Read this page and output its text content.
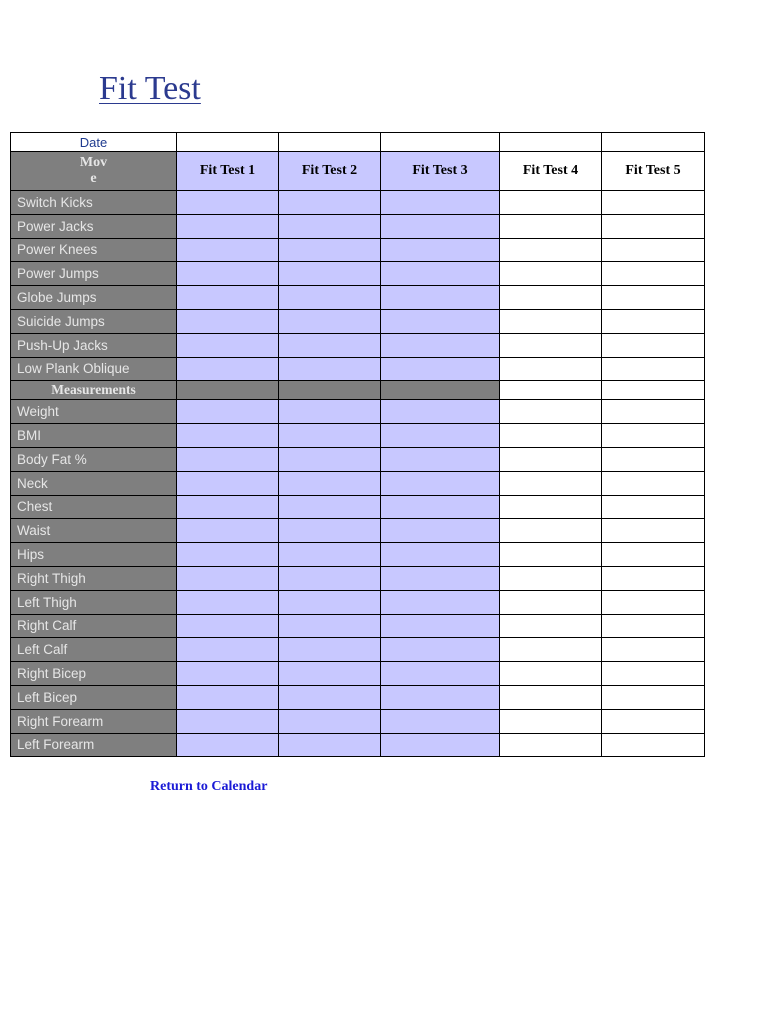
Fit Test
Date					
Mov
e	Fit Test 1	Fit Test 2	Fit Test 3	Fit Test 4	Fit Test 5
Switch Kicks					
Power Jacks					
Power Knees					
Power Jumps					
Globe Jumps					
Suicide Jumps					
Push-Up Jacks					
Low Plank Oblique					
Measurements					
Weight					
BMI					
Body Fat %					
Neck					
Chest					
Waist					
Hips					
Right Thigh					
Left Thigh					
Right Calf					
Left Calf					
Right Bicep					
Left Bicep					
Right Forearm					
Left Forearm					
Return to Calendar
